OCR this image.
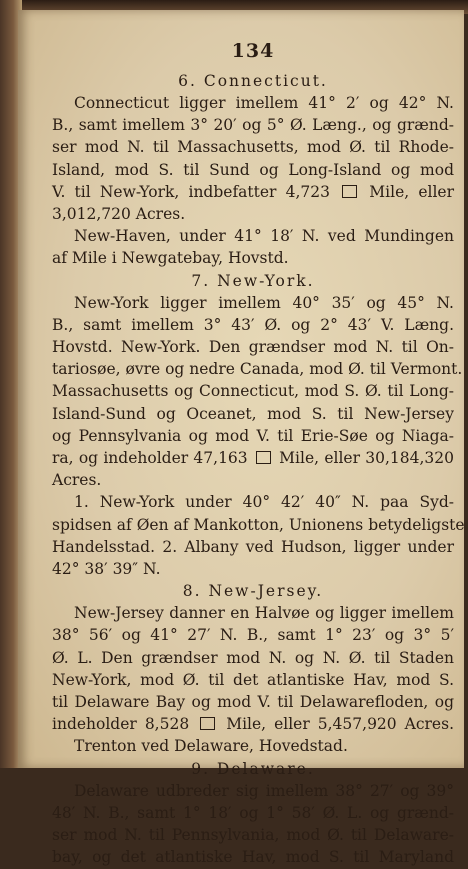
134
6. Connecticut.
Connecticut ligger imellem 41° 2′ og 42° N.
B., samt imellem 3° 20′ og 5° Ø. Læng., og grænd-
ser mod N. til Massachusetts, mod Ø. til Rhode-
Island, mod S. til Sund og Long-Island og mod
V. til New-York, indbefatter 4,723  Mile, eller
3,012,720 Acres.
New-Haven, under 41° 18′ N. ved Mundingen
af Mile i Newgatebay, Hovstd.
7. New-York.
New-York ligger imellem 40° 35′ og 45° N.
B., samt imellem 3° 43′ Ø. og 2° 43′ V. Læng.
Hovstd. New-York. Den grændser mod N. til On-
tariosøe, øvre og nedre Canada, mod Ø. til Vermont.
Massachusetts og Connecticut, mod S. Ø. til Long-
Island-Sund og Oceanet, mod S. til New-Jersey
og Pennsylvania og mod V. til Erie-Søe og Niaga-
ra, og indeholder 47,163  Mile, eller 30,184,320
Acres.
1. New-York under 40° 42′ 40″ N. paa Syd-
spidsen af Øen af Mankotton, Unionens betydeligste
Handelsstad. 2. Albany ved Hudson, ligger under
42° 38′ 39″ N.
8. New-Jersey.
New-Jersey danner en Halvøe og ligger imellem
38° 56′ og 41° 27′ N. B., samt 1° 23′ og 3° 5′
Ø. L. Den grændser mod N. og N. Ø. til Staden
New-York, mod Ø. til det atlantiske Hav, mod S.
til Delaware Bay og mod V. til Delawarefloden, og
indeholder 8,528  Mile, eller 5,457,920 Acres.
Trenton ved Delaware, Hovedstad.
9. Delaware.
Delaware udbreder sig imellem 38° 27′ og 39°
48′ N. B., samt 1° 18′ og 1° 58′ Ø. L. og grænd-
ser mod N. til Pennsylvania, mod Ø. til Delaware-
bay, og det atlantiske Hav, mod S. til Maryland
